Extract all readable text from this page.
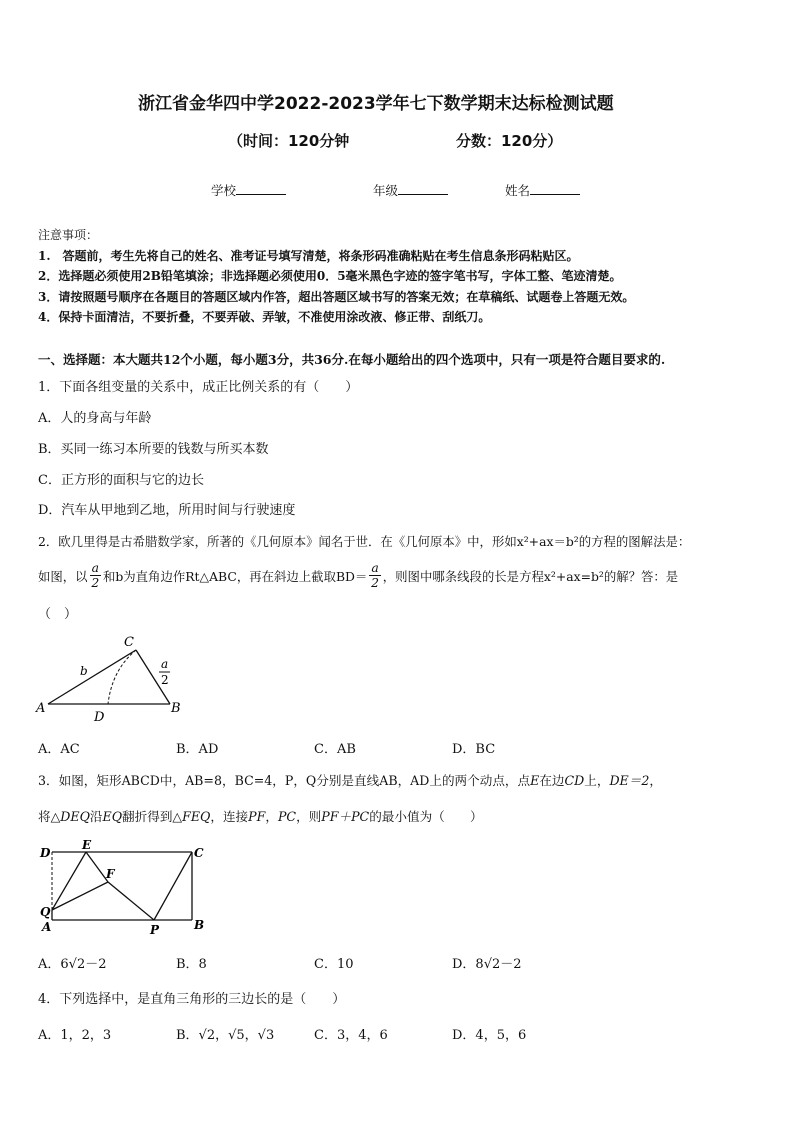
浙江省金华四中学2022-2023学年七下数学期末达标检测试题
（时间：120分钟	分数：120分）
学校	年级	姓名
注意事项：
1.　答题前，考生先将自己的姓名、准考证号填写清楚，将条形码准确粘贴在考生信息条形码粘贴区。
2．选择题必须使用2B铅笔填涂；非选择题必须使用0．5毫米黑色字迹的签字笔书写，字体工整、笔迹清楚。
3．请按照题号顺序在各题目的答题区域内作答，超出答题区域书写的答案无效；在草稿纸、试题卷上答题无效。
4．保持卡面清洁，不要折叠，不要弄破、弄皱，不准使用涂改液、修正带、刮纸刀。
一、选择题：本大题共12个小题，每小题3分，共36分.在每小题给出的四个选项中，只有一项是符合题目要求的.
1．下面各组变量的关系中，成正比例关系的有（　　）
A．人的身高与年龄
B．买同一练习本所要的钱数与所买本数
C．正方形的面积与它的边长
D．汽车从甲地到乙地，所用时间与行驶速度
2．欧几里得是古希腊数学家，所著的《几何原本》闻名于世．在《几何原本》中，形如x²+ax＝b²的方程的图解法是：
如图，以 $\frac{a}{2}$ 和b为直角边作Rt△ABC，再在斜边上截取$BD= \frac{a}{2}$ ，则图中哪条线段的长是方程x²+ax=b²的解？答：是
（　）
C
b	a
2
A
D
B
A．AC	B．AD	C．AB	D．BC
3．如图，矩形ABCD中，AB=8，BC=4，P，Q分别是直线AB，AD上的两个动点，点E在边CD上，DE＝2，
将△DEQ沿EQ翻折得到△FEQ，连接PF，PC，则PF＋PC的最小值为（　　）
D
E
C
F
Q
A	P	B
A．6√2－2	B．8	C．10	D．8√2－2
4．下列选择中，是直角三角形的三边长的是（　　）
A．1，2，3	B．√2，√5，√3	C．3，4，6	D．4，5，6
